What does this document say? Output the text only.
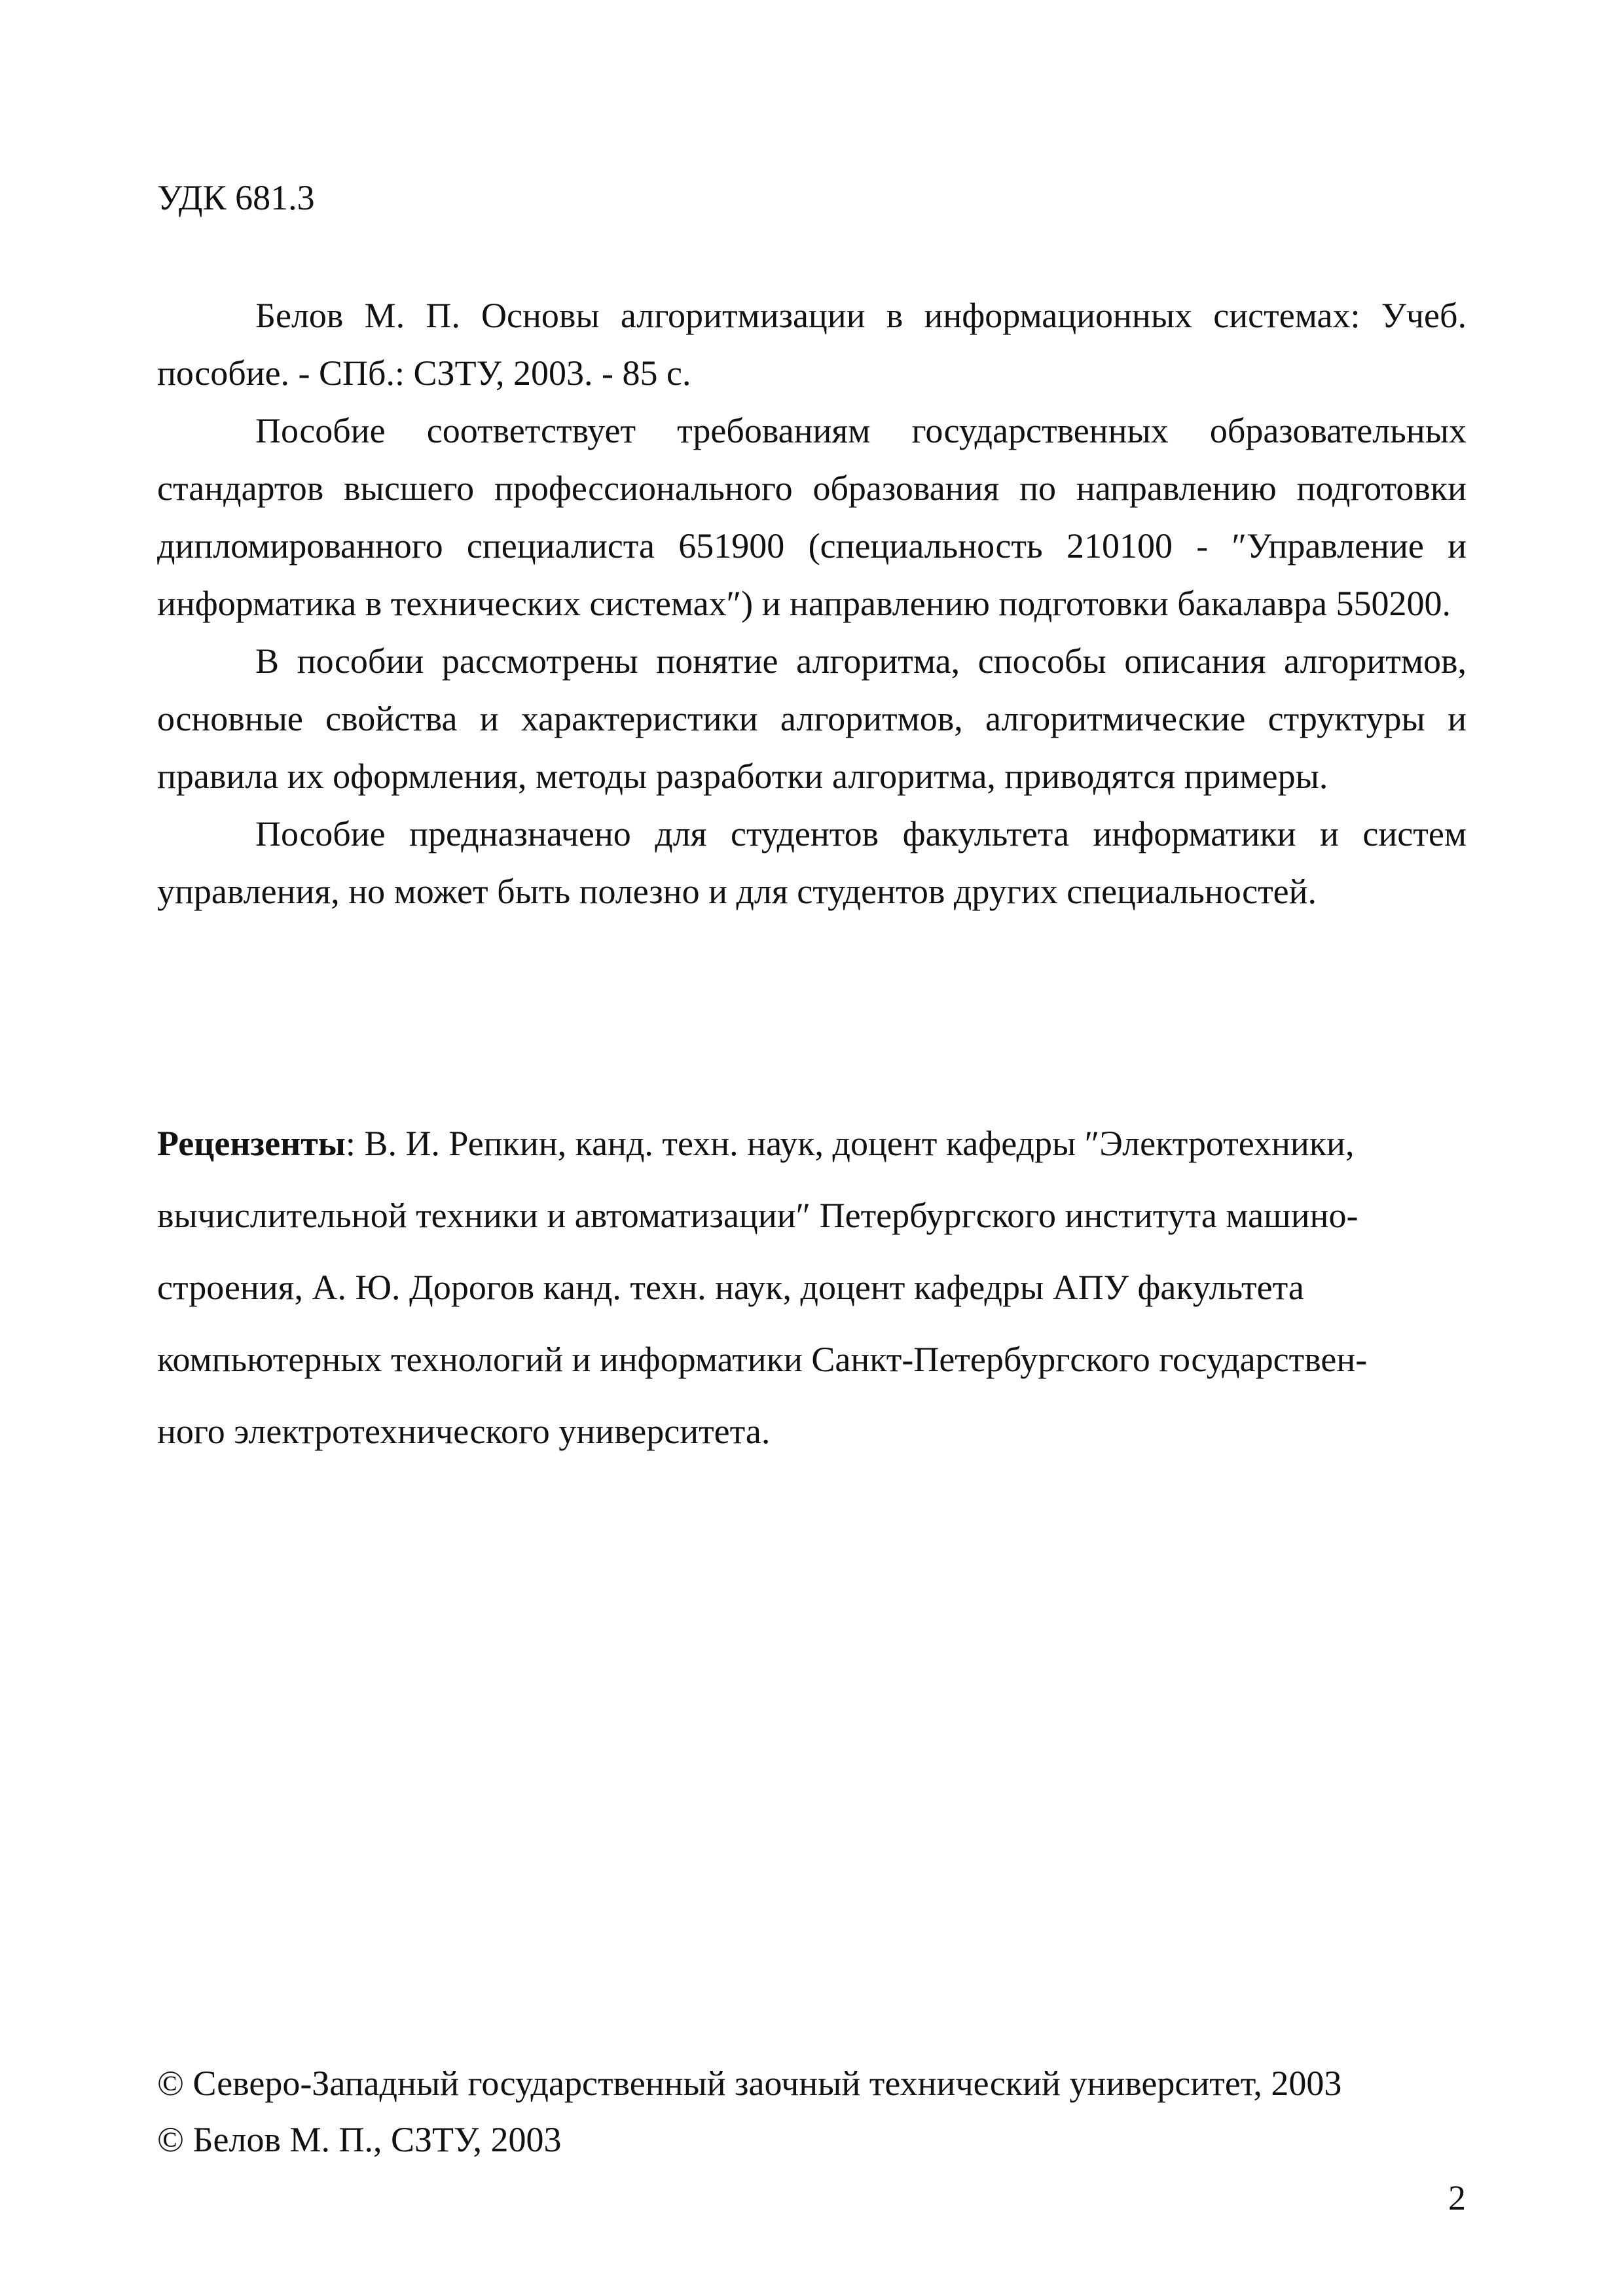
УДК 681.3

Белов М. П. Основы алгоритмизации в информационных системах: Учеб. пособие. - СПб.: СЗТУ, 2003. - 85 с.

Пособие соответствует требованиям государственных образовательных стандартов высшего профессионального образования по направлению подготовки дипломированного специалиста 651900 (специальность 210100 - ″Управление и информатика в технических системах″) и направлению подготовки бакалавра 550200.

В пособии рассмотрены понятие алгоритма, способы описания алгоритмов, основные свойства и характеристики алгоритмов, алгоритмические структуры и правила их оформления, методы разработки алгоритма, приводятся примеры.

Пособие предназначено для студентов факультета информатики и систем управления, но может быть полезно и для студентов других специальностей.

Рецензенты: В. И. Репкин, канд. техн. наук, доцент кафедры ″Электротехники,
вычислительной техники и автоматизации″ Петербургского института машино-
строения, А. Ю. Дорогов канд. техн. наук, доцент кафедры АПУ факультета
компьютерных технологий и информатики Санкт-Петербургского государствен-
ного электротехнического университета.

© Северо-Западный государственный заочный технический университет, 2003

© Белов М. П., СЗТУ, 2003

2
